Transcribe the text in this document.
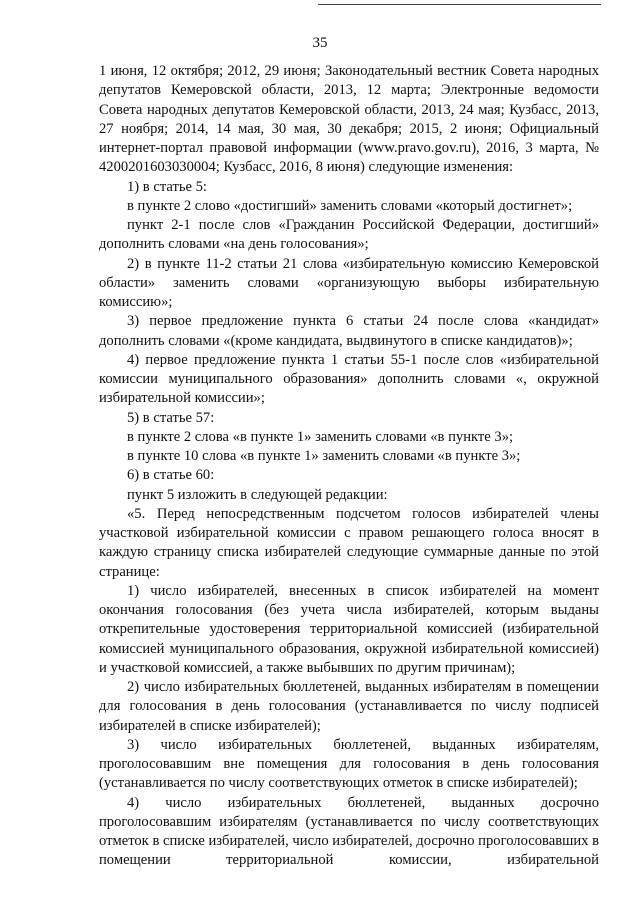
35

1 июня, 12 октября; 2012, 29 июня; Законодательный вестник Совета народных депутатов Кемеровской области, 2013, 12 марта; Электронные ведомости Совета народных депутатов Кемеровской области, 2013, 24 мая; Кузбасс, 2013, 27 ноября; 2014, 14 мая, 30 мая, 30 декабря; 2015, 2 июня; Официальный интернет-портал правовой информации (www.pravo.gov.ru), 2016, 3 марта, № 4200201603030004; Кузбасс, 2016, 8 июня) следующие изменения:

1) в статье 5:

в пункте 2 слово «достигший» заменить словами «который достигнет»;

пункт 2-1 после слов «Гражданин Российской Федерации, достигший» дополнить словами «на день голосования»;

2) в пункте 11-2 статьи 21 слова «избирательную комиссию Кемеровской области» заменить словами «организующую выборы избирательную комиссию»;

3) первое предложение пункта 6 статьи 24 после слова «кандидат» дополнить словами «(кроме кандидата, выдвинутого в списке кандидатов)»;

4) первое предложение пункта 1 статьи 55-1 после слов «избирательной комиссии муниципального образования» дополнить словами «, окружной избирательной комиссии»;

5) в статье 57:

в пункте 2 слова «в пункте 1» заменить словами «в пункте 3»;

в пункте 10 слова «в пункте 1» заменить словами «в пункте 3»;

6) в статье 60:

пункт 5 изложить в следующей редакции:

«5. Перед непосредственным подсчетом голосов избирателей члены участковой избирательной комиссии с правом решающего голоса вносят в каждую страницу списка избирателей следующие суммарные данные по этой странице:

1) число избирателей, внесенных в список избирателей на момент окончания голосования (без учета числа избирателей, которым выданы открепительные удостоверения территориальной комиссией (избирательной комиссией муниципального образования, окружной избирательной комиссией) и участковой комиссией, а также выбывших по другим причинам);

2) число избирательных бюллетеней, выданных избирателям в помещении для голосования в день голосования (устанавливается по числу подписей избирателей в списке избирателей);

3) число избирательных бюллетеней, выданных избирателям, проголосовавшим вне помещения для голосования в день голосования (устанавливается по числу соответствующих отметок в списке избирателей);

4) число избирательных бюллетеней, выданных досрочно проголосовавшим избирателям (устанавливается по числу соответствующих отметок в списке избирателей, число избирателей, досрочно проголосовавших в помещении территориальной комиссии, избирательной
